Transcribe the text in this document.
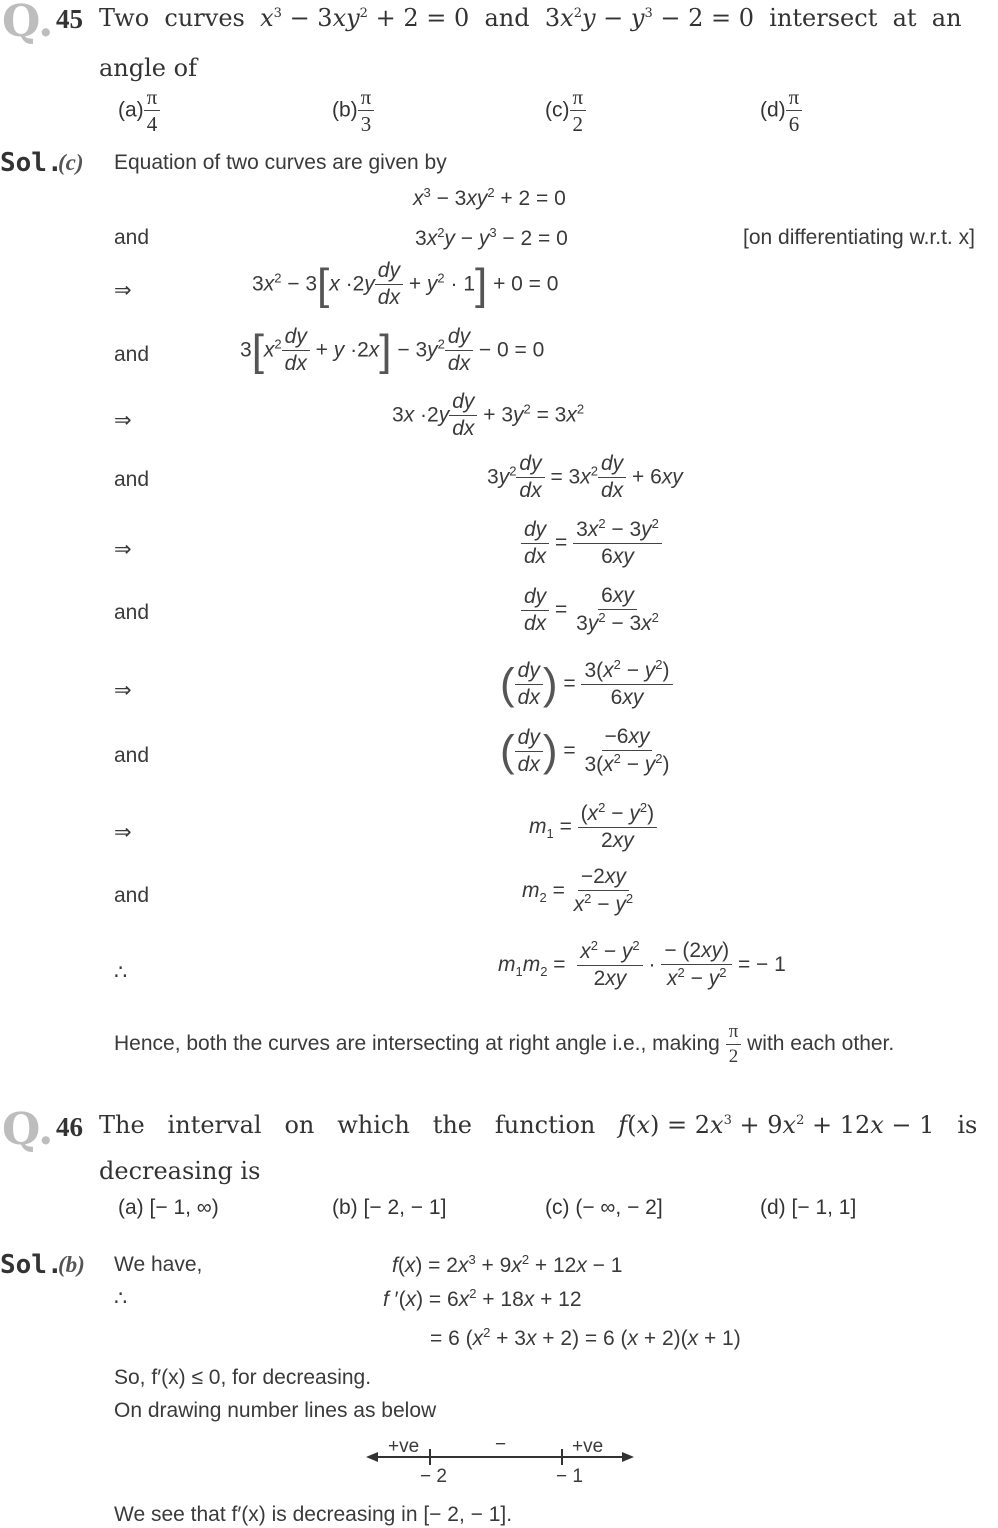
Q. 45 Two  curves  $x^3 - 3xy^2 + 2 = 0$  and  $3x^2y - y^3 - 2 = 0$  intersect  at  an
angle of
$(a) \frac{\pi}{4}$	$(b) \frac{\pi}{3}$	$(c) \frac{\pi}{2}$	$(d) \frac{\pi}{6}$
Sol.
(c) Equation of two curves are given by
$x^3 - 3xy^2 + 2 = 0$
and	$3x^2y - y^3 - 2 = 0$	[on differentiating w.r.t. x]
⇒	$3x^2 - 3[x \cdot 2y \frac{dy}{dx} + y^2 \cdot 1] + 0 = 0$
and	$3[x^2 \frac{dy}{dx} + y \cdot 2x] - 3y^2 \frac{dy}{dx} - 0 = 0$
⇒	$3x \cdot 2y \frac{dy}{dx} + 3y^2 = 3x^2$
and	$3y^2 \frac{dy}{dx} = 3x^2 \frac{dy}{dx} + 6xy$
⇒	$\frac{dy}{dx} = \frac{3x^2 - 3y^2}{6xy}$
and	$\frac{dy}{dx} = \frac{6xy}{3y^2 - 3x^2}$
⇒	( $\frac{dy}{dx}$ ) = $\frac{3(x^2 - y^2)}{6xy}$
and	( $\frac{dy}{dx}$ ) = $\frac{-6xy}{3(x^2 - y^2)}$
⇒	$m_1 = \frac{(x^2 - y^2)}{2xy}$
and	$m_2 = \frac{-2xy}{x^2 - y^2}$
∴	$m_1m_2 = \frac{x^2 - y^2}{2xy} \cdot \frac{- (2xy)}{x^2 - y^2}$ = − 1
Hence, both the curves are intersecting at right angle i.e., making $\frac{\pi}{2}$ with each other.
Q. 46 The   interval   on   which   the   function   $f(x) = 2x^3 + 9x^2 + 12x - 1$   is
decreasing is
(a) [− 1, ∞)	(b) [− 2, − 1]	(c) (− ∞, − 2]	(d) [− 1, 1]
Sol.
(b) We have,	$f(x) = 2x^3 + 9x^2 + 12x - 1$
∴	f $'(x) = 6x^2 + 18x + 12$
= 6 $(x^2 + 3x + 2) = 6$ (x + 2)(x + 1)
So, f′(x) ≤ 0, for decreasing.
On drawing number lines as below
+ve	−	+ve
− 2	− 1
We see that f′(x) is decreasing in [− 2, − 1].
